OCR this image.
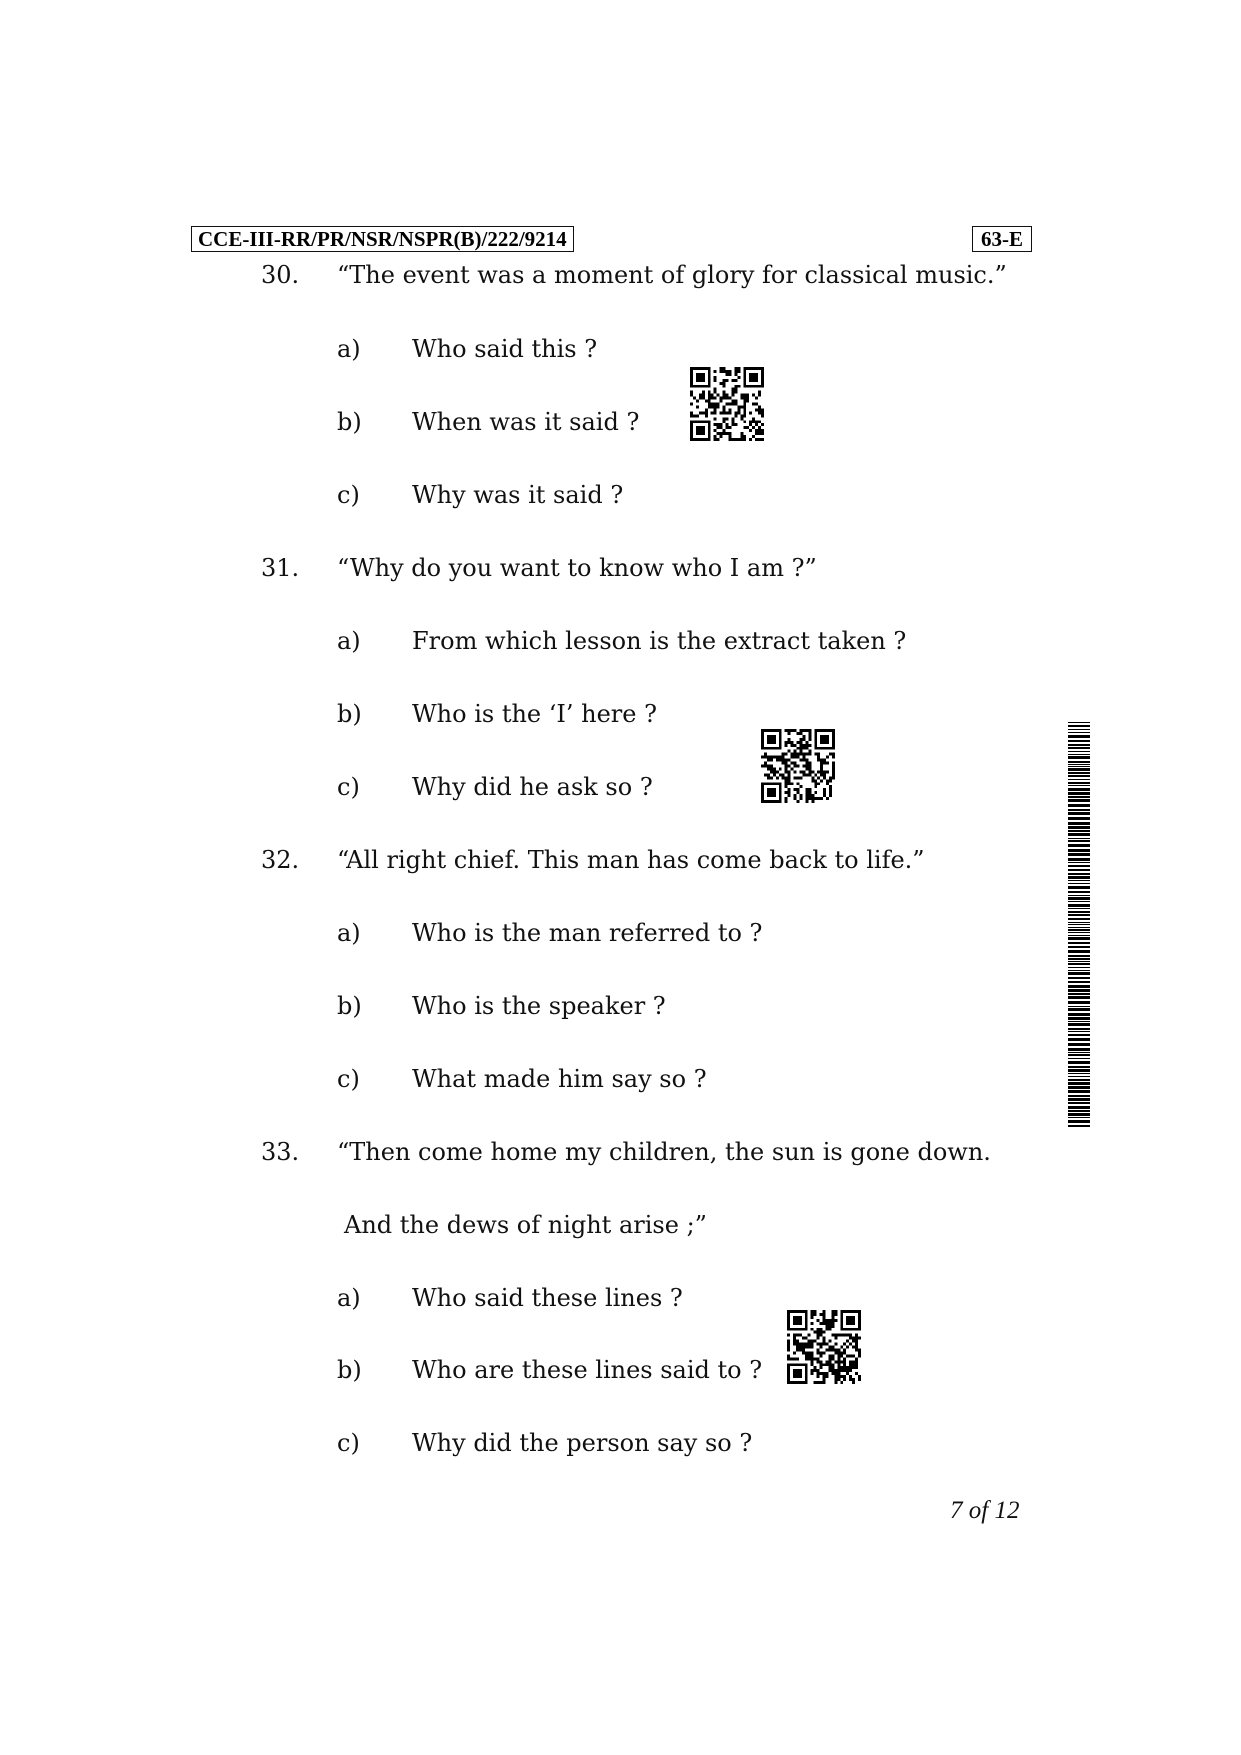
CCE-III-RR/PR/NSR/NSPR(B)/222/9214	63-E
30. “The event was a moment of glory for classical music.”
a) Who said this ?
b) When was it said ?
c) Why was it said ?
31. “Why do you want to know who I am ?”
a) From which lesson is the extract taken ?
b) Who is the ‘I’ here ?
c) Why did he ask so ?
32. “All right chief. This man has come back to life.”
a) Who is the man referred to ?
b) Who is the speaker ?
c) What made him say so ?
33. “Then come home my children, the sun is gone down.
And the dews of night arise ;”
a) Who said these lines ?
b) Who are these lines said to ?
c) Why did the person say so ?
7 of 12
